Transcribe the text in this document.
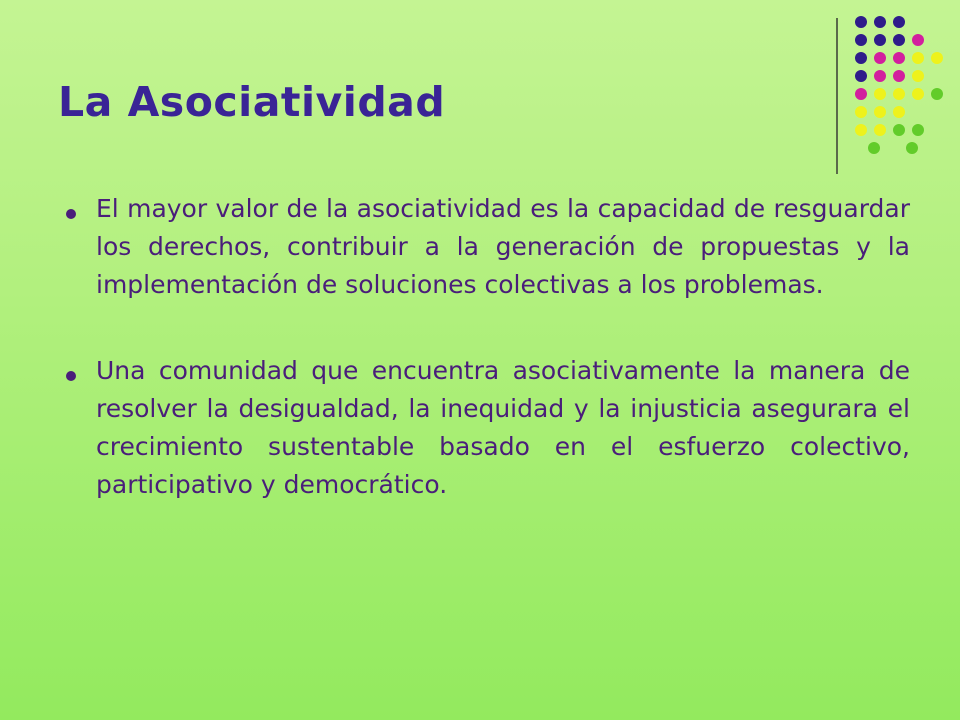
La Asociatividad

El mayor valor de la asociatividad es la capacidad de resguardar los derechos, contribuir a la generación de propuestas y la implementación de soluciones colectivas a los problemas.

Una comunidad que encuentra asociativamente la manera de resolver la desigualdad, la inequidad y la injusticia asegurara el crecimiento sustentable basado en el esfuerzo colectivo, participativo y democrático.
